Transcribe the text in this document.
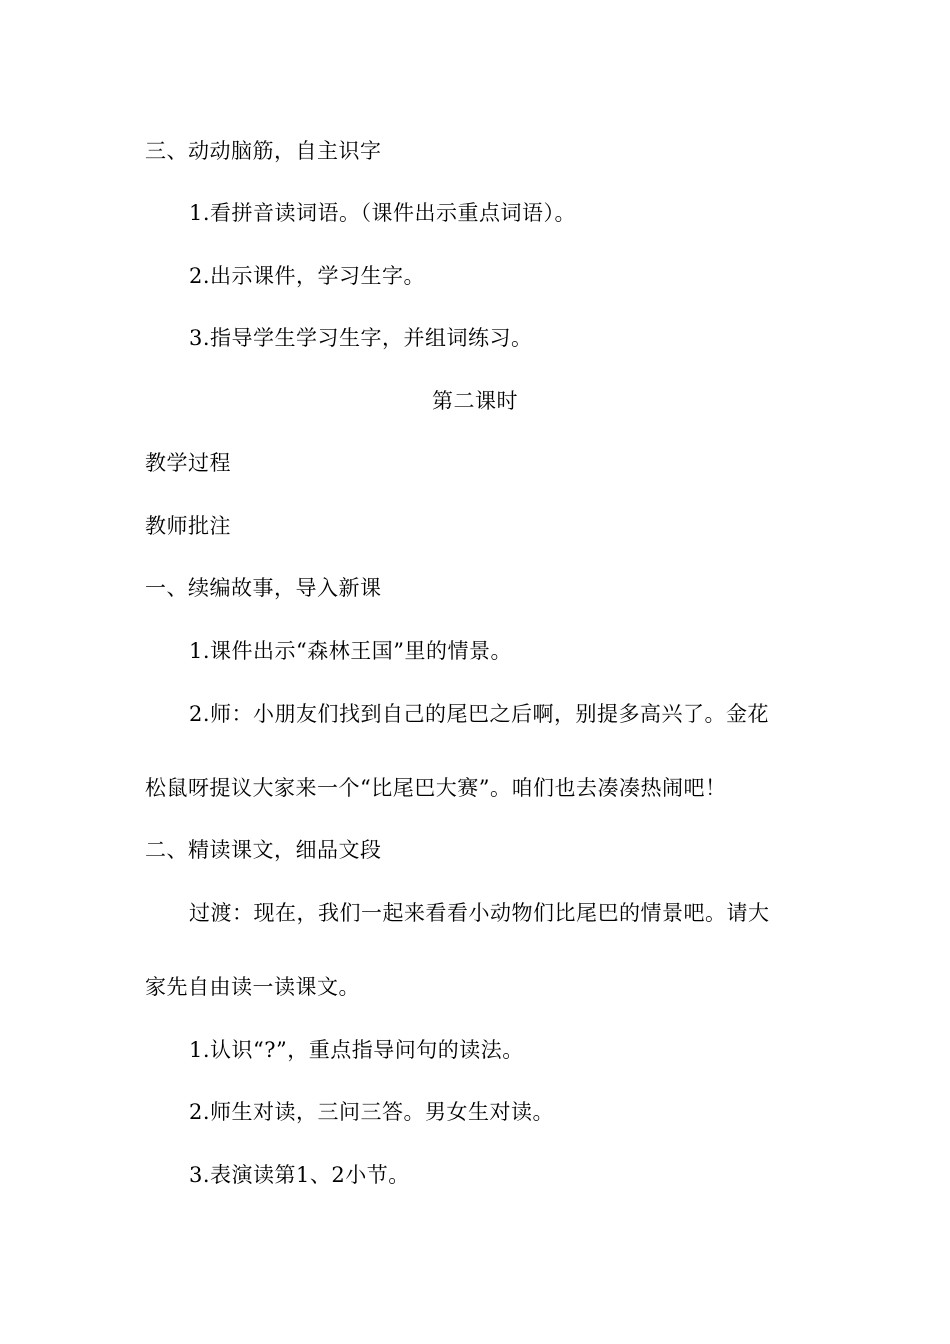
三、动动脑筋，自主识字
1.看拼音读词语。（课件出示重点词语）。
2.出示课件，学习生字。
3.指导学生学习生字，并组词练习。
第二课时
教学过程
教师批注
一、续编故事，导入新课
1.课件出示“森林王国”里的情景。
2.师：小朋友们找到自己的尾巴之后啊，别提多高兴了。金花
松鼠呀提议大家来一个“比尾巴大赛”。咱们也去凑凑热闹吧！
二、精读课文，细品文段
过渡：现在，我们一起来看看小动物们比尾巴的情景吧。请大
家先自由读一读课文。
1.认识“?”，重点指导问句的读法。
2.师生对读，三问三答。男女生对读。
3.表演读第1、2小节。
